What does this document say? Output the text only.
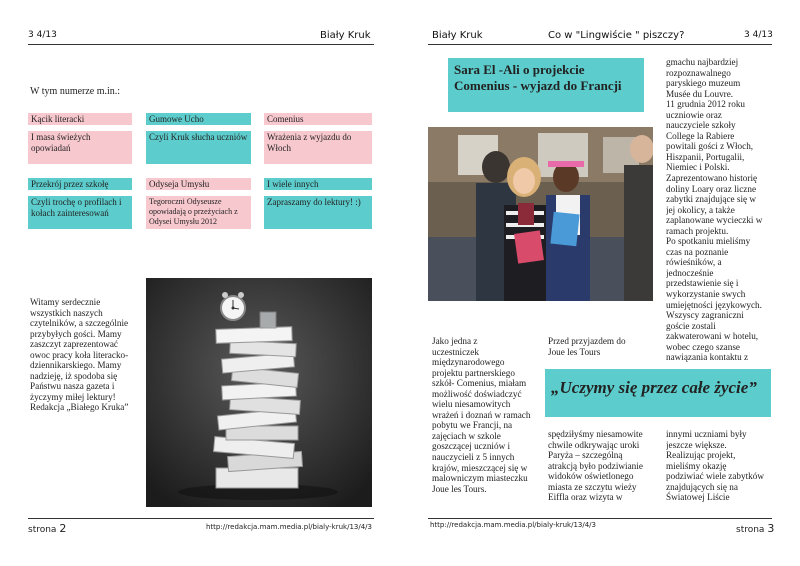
3 4/13	Biały Kruk
W tym numerze m.in.:
Kącik literacki
I masa świeżych opowiadań
Gumowe Ucho
Czyli Kruk słucha uczniów
Comenius
Wrażenia z wyjazdu do Włoch
Przekrój przez szkołę
Czyli trochę o profilach i kołach zainteresowań
Odyseja Umysłu
Tegoroczni Odyseusze opowiadają o przeżyciach z Odysei Umysłu 2012
I wiele innych
Zapraszamy do lektury! :)
Witamy serdecznie
wszystkich naszych
czytelników, a szczególnie
przybyłych gości. Mamy
zaszczyt zaprezentować
owoc pracy koła literacko-
dziennikarskiego. Mamy
nadzieję, iż spodoba się
Państwu nasza gazeta i
życzymy miłej lektury!
Redakcja „Białego Kruka”
strona 2	http://redakcja.mam.media.pl/bialy-kruk/13/4/3
Biały Kruk	Co w "Lingwiście " piszczy?	3 4/13
Sara El -Ali o projekcie Comenius - wyjazd do Francji
gmachu najbardziej
rozpoznawalnego
paryskiego muzeum
Musée du Louvre.
11 grudnia 2012 roku
uczniowie oraz
nauczyciele szkoły
College la Rabiere
powitali gości z Włoch,
Hiszpanii, Portugalii,
Niemiec i Polski.
Zaprezentowano historię
doliny Loary oraz liczne
zabytki znajdujące się w
jej okolicy, a także
zaplanowane wycieczki w
ramach projektu.
Po spotkaniu mieliśmy
czas na poznanie
rówieśników, a
jednocześnie
przedstawienie się i
wykorzystanie swych
umiejętności językowych.
Wszyscy zagraniczni
goście zostali
zakwaterowani w hotelu,
wobec czego szanse
nawiązania kontaktu z
Jako jedna z
uczestniczek
międzynarodowego
projektu partnerskiego
szkół- Comenius, miałam
możliwość doświadczyć
wielu niesamowitych
wrażeń i doznań w ramach
pobytu we Francji, na
zajęciach w szkole
goszczącej uczniów i
nauczycieli z 5 innych
krajów, mieszczącej się w
malowniczym miasteczku
Joue les Tours.
Przed przyjazdem do
Joue les Tours
„Uczymy się przez całe życie”
spędziłyśmy niesamowite
chwile odkrywając uroki
Paryża – szczególną
atrakcją było podziwianie
widoków oświetlonego
miasta ze szczytu wieży
Eiffla oraz wizyta w
innymi uczniami były
jeszcze większe.
Realizując projekt,
mieliśmy okazję
podziwiać wiele zabytków
znajdujących się na
Światowej Liście
http://redakcja.mam.media.pl/bialy-kruk/13/4/3	strona 3
